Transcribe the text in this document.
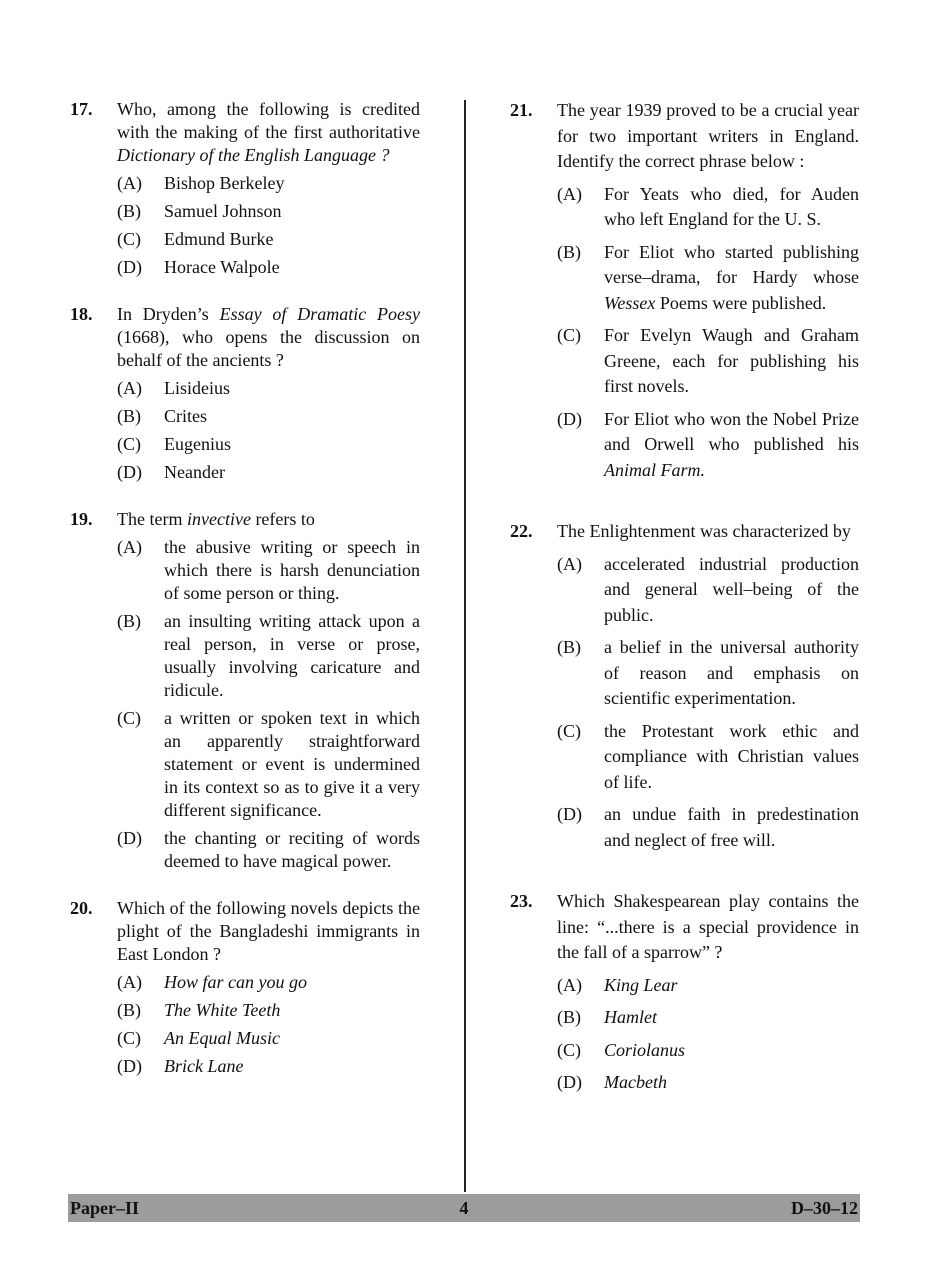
17.	Who, among the following is credited with the making of the first authoritative Dictionary of the English Language ?
(A)	Bishop Berkeley
(B)	Samuel Johnson
(C)	Edmund Burke
(D)	Horace Walpole
18.	In Dryden’s Essay of Dramatic Poesy (1668), who opens the discussion on behalf of the ancients ?
(A)	Lisideius
(B)	Crites
(C)	Eugenius
(D)	Neander
19.	The term invective refers to
(A)	the abusive writing or speech in which there is harsh denunciation of some person or thing.
(B)	an insulting writing attack upon a real person, in verse or prose, usually involving caricature and ridicule.
(C)	a written or spoken text in which an apparently straightforward statement or event is undermined in its context so as to give it a very different significance.
(D)	the chanting or reciting of words deemed to have magical power.
20.	Which of the following novels depicts the plight of the Bangladeshi immigrants in East London ?
(A)	How far can you go
(B)	The White Teeth
(C)	An Equal Music
(D)	Brick Lane
21.	The year 1939 proved to be a crucial year for two important writers in England. Identify the correct phrase below :
(A)	For Yeats who died, for Auden who left England for the U. S.
(B)	For Eliot who started publishing verse–drama, for Hardy whose Wessex Poems were published.
(C)	For Evelyn Waugh and Graham Greene, each for publishing his first novels.
(D)	For Eliot who won the Nobel Prize and Orwell who published his Animal Farm.
22.	The Enlightenment was characterized by
(A)	accelerated industrial production and general well–being of the public.
(B)	a belief in the universal authority of reason and emphasis on scientific experimentation.
(C)	the Protestant work ethic and compliance with Christian values of life.
(D)	an undue faith in predestination and neglect of free will.
23.	Which Shakespearean play contains the line: “...there is a special providence in the fall of a sparrow” ?
(A)	King Lear
(B)	Hamlet
(C)	Coriolanus
(D)	Macbeth
Paper–II	4	D–30–12
